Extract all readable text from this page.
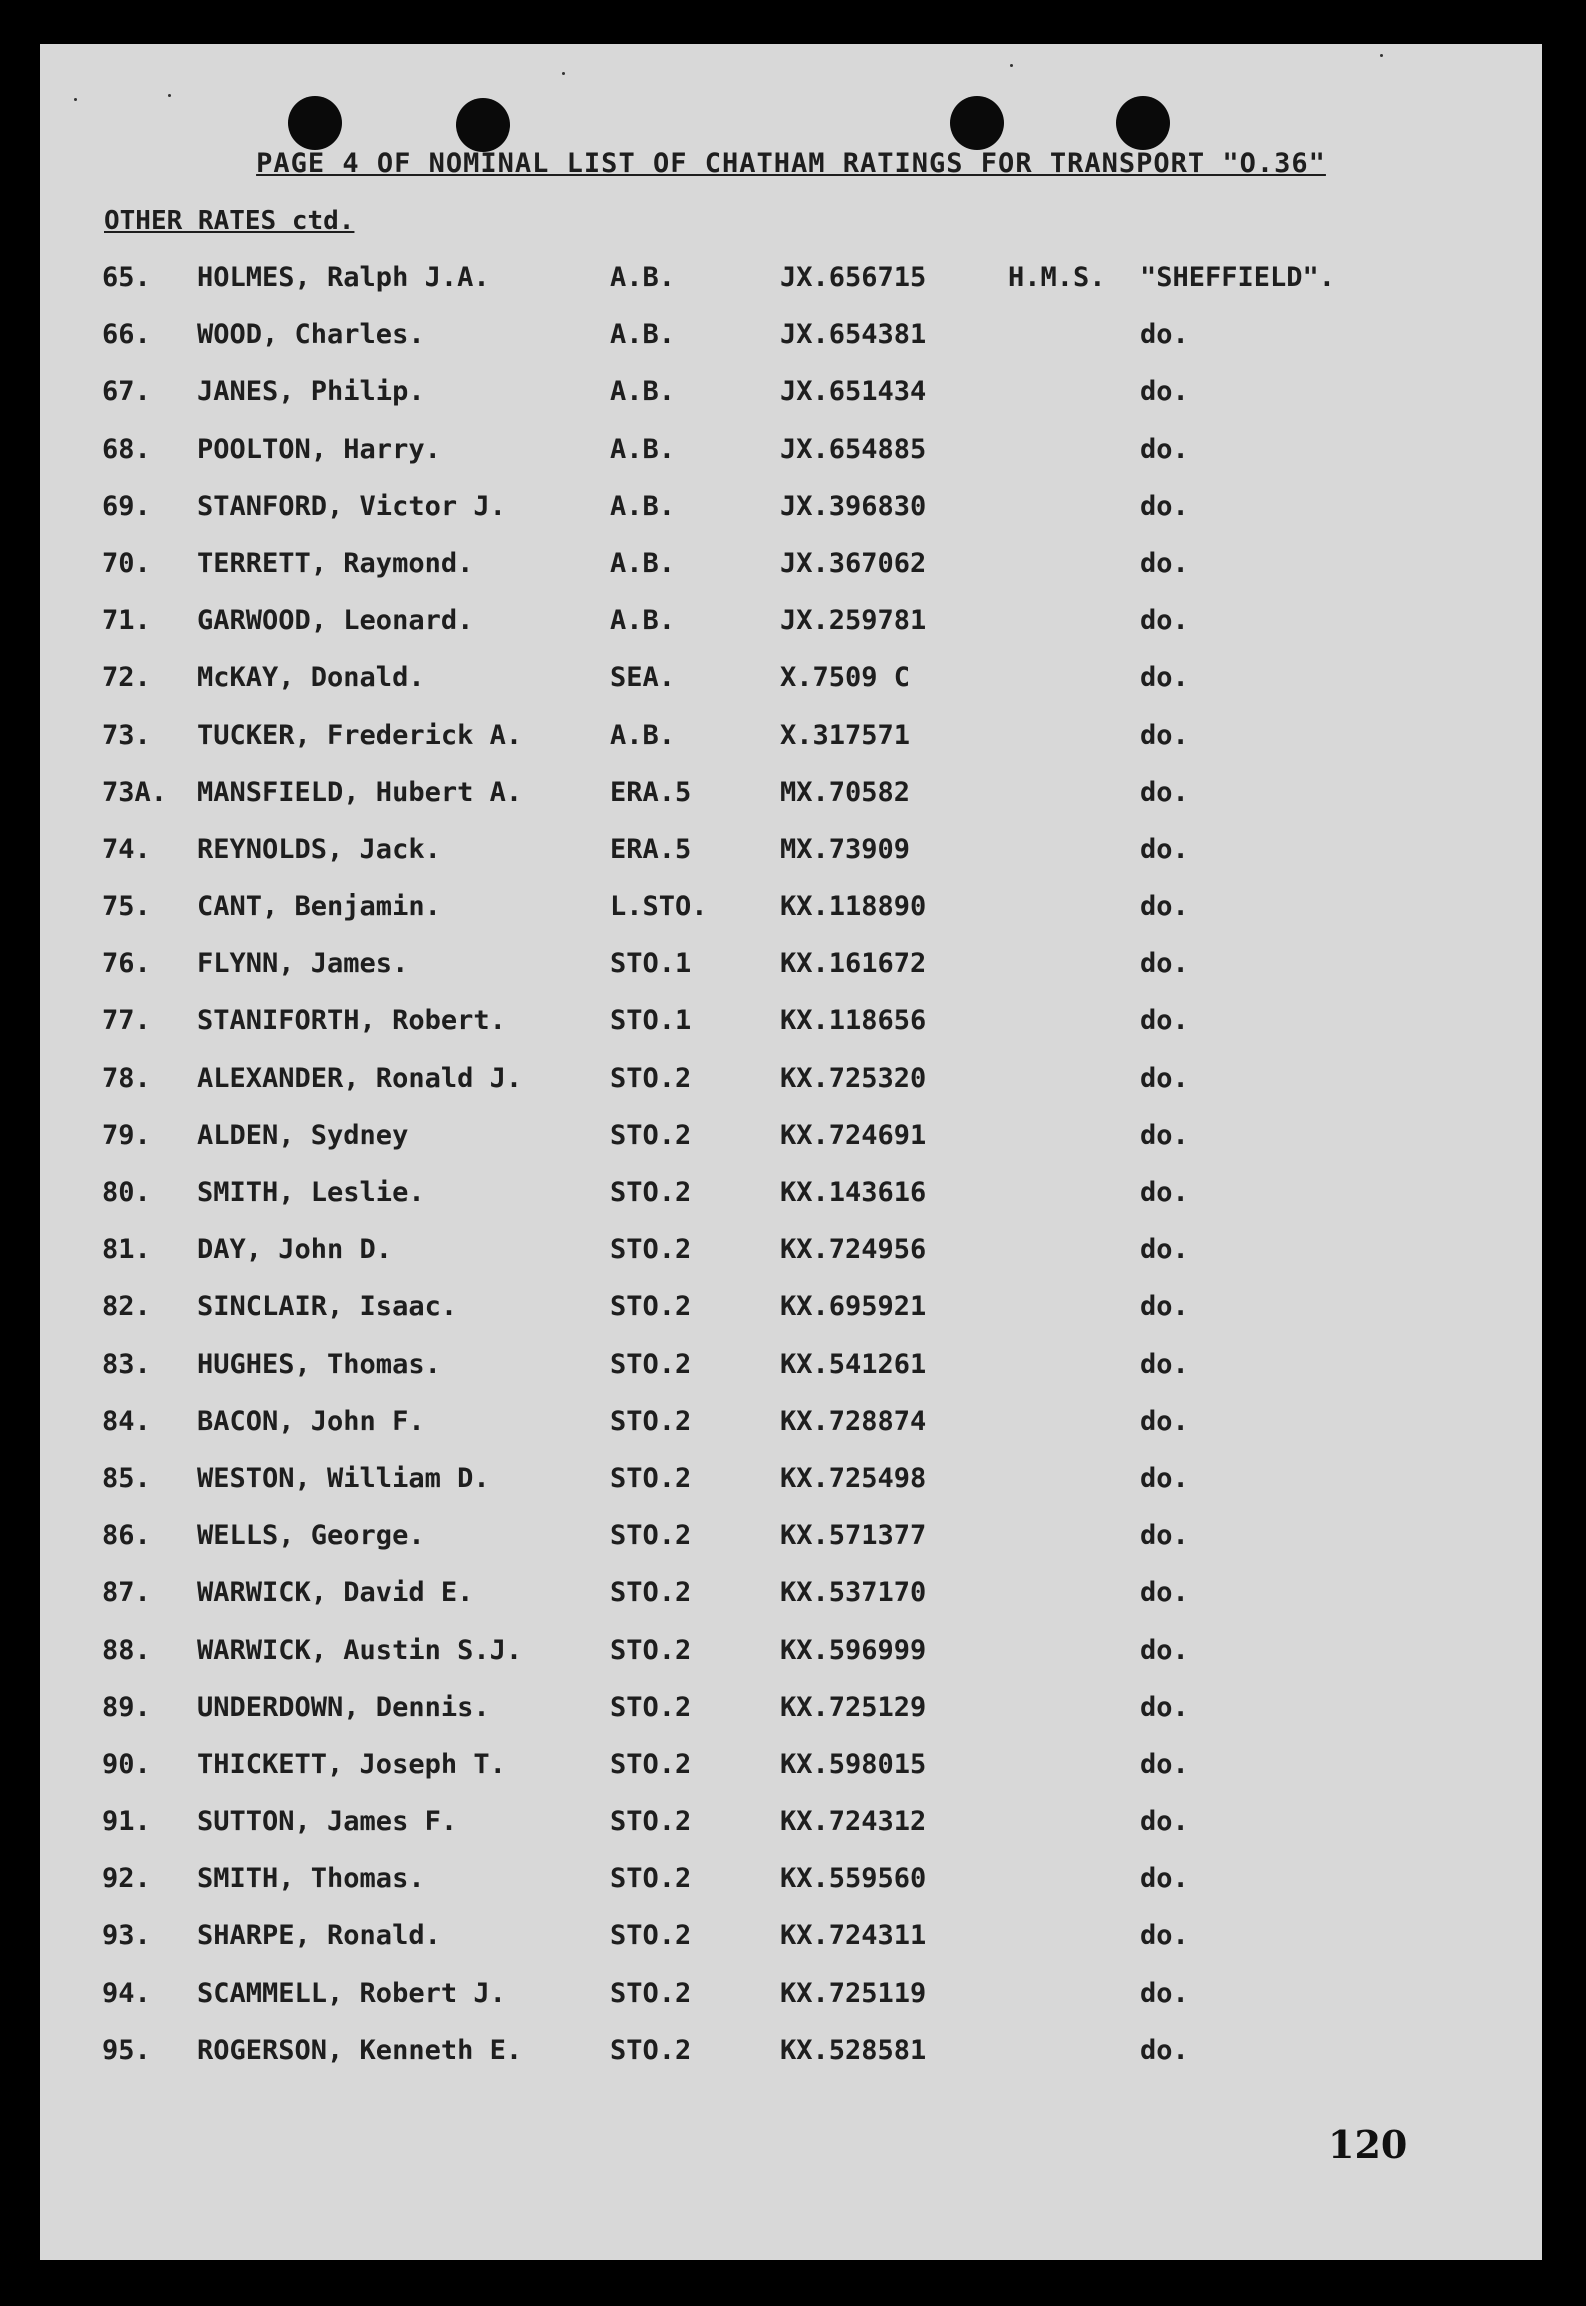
PAGE 4 OF NOMINAL LIST OF CHATHAM RATINGS FOR TRANSPORT "O.36"
OTHER RATES ctd.
65. HOLMES, Ralph J.A.	A.B.	JX.656715	H.M.S. "SHEFFIELD".
66. WOOD, Charles.	A.B.	JX.654381	do.
67. JANES, Philip.	A.B.	JX.651434	do.
68. POOLTON, Harry.	A.B.	JX.654885	do.
69. STANFORD, Victor J.	A.B.	JX.396830	do.
70. TERRETT, Raymond.	A.B.	JX.367062	do.
71. GARWOOD, Leonard.	A.B.	JX.259781	do.
72. McKAY, Donald.	SEA.	X.7509 C	do.
73. TUCKER, Frederick A.	A.B.	X.317571	do.
73A. MANSFIELD, Hubert A.	ERA.5	MX.70582	do.
74. REYNOLDS, Jack.	ERA.5	MX.73909	do.
75. CANT, Benjamin.	L.STO.	KX.118890	do.
76. FLYNN, James.	STO.1	KX.161672	do.
77. STANIFORTH, Robert.	STO.1	KX.118656	do.
78. ALEXANDER, Ronald J.	STO.2	KX.725320	do.
79. ALDEN, Sydney	STO.2	KX.724691	do.
80. SMITH, Leslie.	STO.2	KX.143616	do.
81. DAY, John D.	STO.2	KX.724956	do.
82. SINCLAIR, Isaac.	STO.2	KX.695921	do.
83. HUGHES, Thomas.	STO.2	KX.541261	do.
84. BACON, John F.	STO.2	KX.728874	do.
85. WESTON, William D.	STO.2	KX.725498	do.
86. WELLS, George.	STO.2	KX.571377	do.
87. WARWICK, David E.	STO.2	KX.537170	do.
88. WARWICK, Austin S.J.	STO.2	KX.596999	do.
89. UNDERDOWN, Dennis.	STO.2	KX.725129	do.
90. THICKETT, Joseph T.	STO.2	KX.598015	do.
91. SUTTON, James F.	STO.2	KX.724312	do.
92. SMITH, Thomas.	STO.2	KX.559560	do.
93. SHARPE, Ronald.	STO.2	KX.724311	do.
94. SCAMMELL, Robert J.	STO.2	KX.725119	do.
95. ROGERSON, Kenneth E.	STO.2	KX.528581	do.
120
